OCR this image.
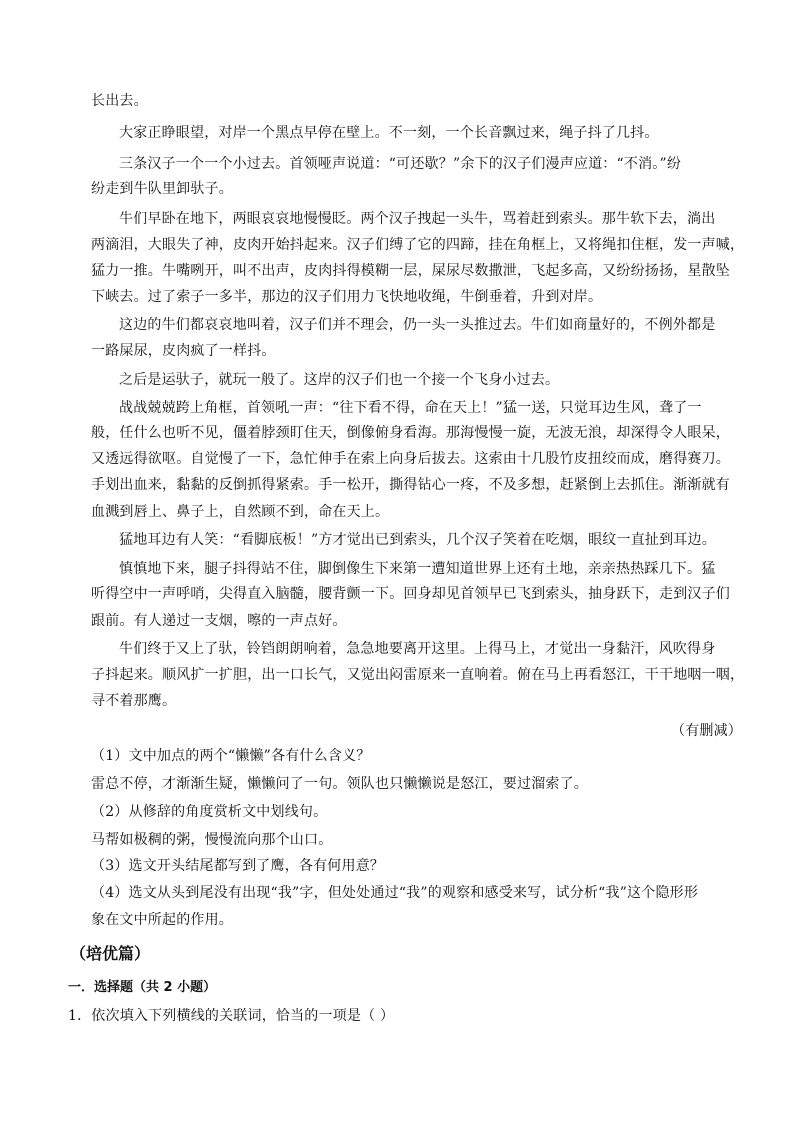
长出去。
大家正睁眼望，对岸一个黑点早停在壁上。不一刻，一个长音飘过来，绳子抖了几抖。
三条汉子一个一个小过去。首领哑声说道：“可还歇？”余下的汉子们漫声应道：“不消。”纷
纷走到牛队里卸驮子。
牛们早卧在地下，两眼哀哀地慢慢眨。两个汉子拽起一头牛，骂着赶到索头。那牛软下去，淌出
两滴泪，大眼失了神，皮肉开始抖起来。汉子们缚了它的四蹄，挂在角框上，又将绳扣住框，发一声喊，
猛力一推。牛嘴咧开，叫不出声，皮肉抖得模糊一层，屎尿尽数撒泄，飞起多高，又纷纷扬扬，星散坠
下峡去。过了索子一多半，那边的汉子们用力飞快地收绳，牛倒垂着，升到对岸。
这边的牛们都哀哀地叫着，汉子们并不理会，仍一头一头推过去。牛们如商量好的，不例外都是
一路屎尿，皮肉疯了一样抖。
之后是运驮子，就玩一般了。这岸的汉子们也一个接一个飞身小过去。
战战兢兢跨上角框，首领吼一声：“往下看不得，命在天上！”猛一送，只觉耳边生风，聋了一
般，任什么也听不见，僵着脖颈盯住天，倒像俯身看海。那海慢慢一旋，无波无浪，却深得令人眼呆，
又透远得欲呕。自觉慢了一下，急忙伸手在索上向身后拔去。这索由十几股竹皮扭绞而成，磨得赛刀。
手划出血来，黏黏的反倒抓得紧索。手一松开，撕得钻心一疼，不及多想，赶紧倒上去抓住。渐渐就有
血溅到唇上、鼻子上，自然顾不到，命在天上。
猛地耳边有人笑：“看脚底板！”方才觉出已到索头，几个汉子笑着在吃烟，眼纹一直扯到耳边。
慎慎地下来，腿子抖得站不住，脚倒像生下来第一遭知道世界上还有土地，亲亲热热踩几下。猛
听得空中一声呼哨，尖得直入脑髓，腰背颤一下。回身却见首领早已飞到索头，抽身跃下，走到汉子们
跟前。有人递过一支烟，嚓的一声点好。
牛们终于又上了驮，铃铛朗朗响着，急急地要离开这里。上得马上，才觉出一身黏汗，风吹得身
子抖起来。顺风扩一扩胆，出一口长气，又觉出闷雷原来一直响着。俯在马上再看怒江，干干地咽一咽，
寻不着那鹰。
（有删减）
（1）文中加点的两个“懒懒”各有什么含义？
雷总不停，才渐渐生疑，懒懒问了一句。领队也只懒懒说是怒江，要过溜索了。
（2）从修辞的角度赏析文中划线句。
马帮如极稠的粥，慢慢流向那个山口。
（3）选文开头结尾都写到了鹰，各有何用意？
（4）选文从头到尾没有出现“我”字，但处处通过“我”的观察和感受来写，试分析“我”这个隐形形
象在文中所起的作用。
（培优篇）
一．选择题（共 2 小题）
1．依次填入下列横线的关联词，恰当的一项是（ ）
